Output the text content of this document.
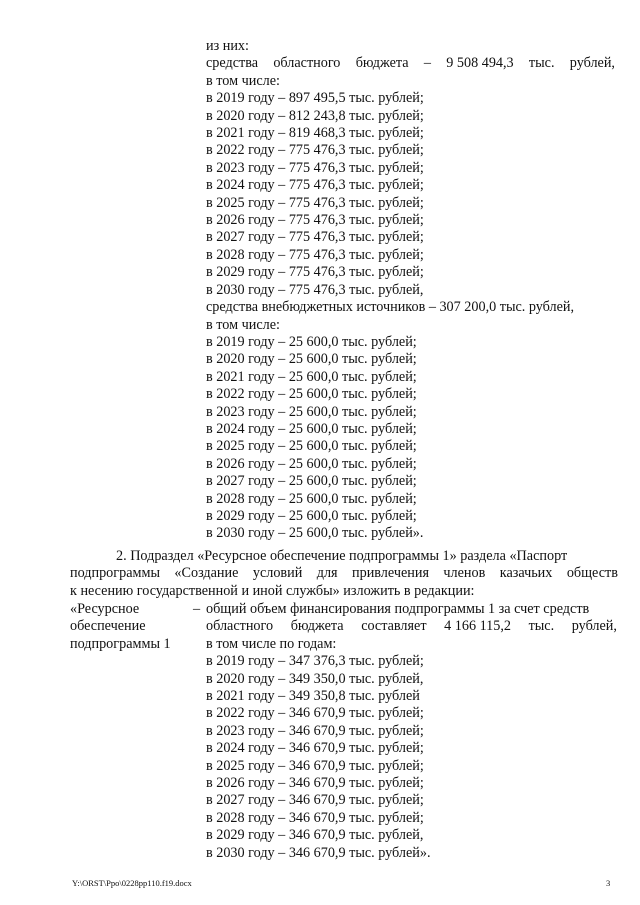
из них:
средства областного бюджета – 9 508 494,3 тыс. рублей,
в том числе:
в 2019 году – 897 495,5 тыс. рублей;
в 2020 году – 812 243,8 тыс. рублей;
в 2021 году – 819 468,3 тыс. рублей;
в 2022 году – 775 476,3 тыс. рублей;
в 2023 году – 775 476,3 тыс. рублей;
в 2024 году – 775 476,3 тыс. рублей;
в 2025 году – 775 476,3 тыс. рублей;
в 2026 году – 775 476,3 тыс. рублей;
в 2027 году – 775 476,3 тыс. рублей;
в 2028 году – 775 476,3 тыс. рублей;
в 2029 году – 775 476,3 тыс. рублей;
в 2030 году – 775 476,3 тыс. рублей,
средства внебюджетных источников – 307 200,0 тыс. рублей,
в том числе:
в 2019 году – 25 600,0 тыс. рублей;
в 2020 году – 25 600,0 тыс. рублей;
в 2021 году – 25 600,0 тыс. рублей;
в 2022 году – 25 600,0 тыс. рублей;
в 2023 году – 25 600,0 тыс. рублей;
в 2024 году – 25 600,0 тыс. рублей;
в 2025 году – 25 600,0 тыс. рублей;
в 2026 году – 25 600,0 тыс. рублей;
в 2027 году – 25 600,0 тыс. рублей;
в 2028 году – 25 600,0 тыс. рублей;
в 2029 году – 25 600,0 тыс. рублей;
в 2030 году – 25 600,0 тыс. рублей».
2. Подраздел «Ресурсное обеспечение подпрограммы 1» раздела «Паспорт
подпрограммы «Создание условий для привлечения членов казачьих обществ
к несению государственной и иной службы» изложить в редакции:
«Ресурсное
обеспечение
подпрограммы 1
– общий объем финансирования подпрограммы 1 за счет средств
областного бюджета составляет 4 166 115,2 тыс. рублей,
в том числе по годам:
в 2019 году – 347 376,3 тыс. рублей;
в 2020 году – 349 350,0 тыс. рублей,
в 2021 году – 349 350,8 тыс. рублей
в 2022 году – 346 670,9 тыс. рублей;
в 2023 году – 346 670,9 тыс. рублей;
в 2024 году – 346 670,9 тыс. рублей;
в 2025 году – 346 670,9 тыс. рублей;
в 2026 году – 346 670,9 тыс. рублей;
в 2027 году – 346 670,9 тыс. рублей;
в 2028 году – 346 670,9 тыс. рублей;
в 2029 году – 346 670,9 тыс. рублей,
в 2030 году – 346 670,9 тыс. рублей».
Y:\ORST\Ppo\0228pp110.f19.docx	3
